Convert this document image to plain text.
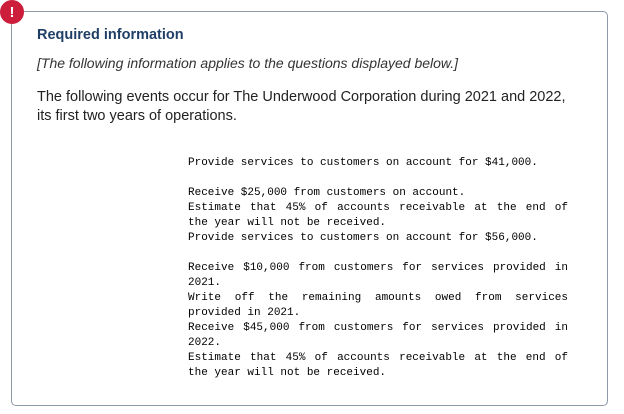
!
Required information
[The following information applies to the questions displayed below.]
The following events occur for The Underwood Corporation during 2021 and 2022, its first two years of operations.
Provide services to customers on account for $41,000.
Receive $25,000 from customers on account.
Estimate that 45% of accounts receivable at the end of the year will not be received.
Provide services to customers on account for $56,000.
Receive $10,000 from customers for services provided in 2021.
Write off the remaining amounts owed from services provided in 2021.
Receive $45,000 from customers for services provided in 2022.
Estimate that 45% of accounts receivable at the end of the year will not be received.
